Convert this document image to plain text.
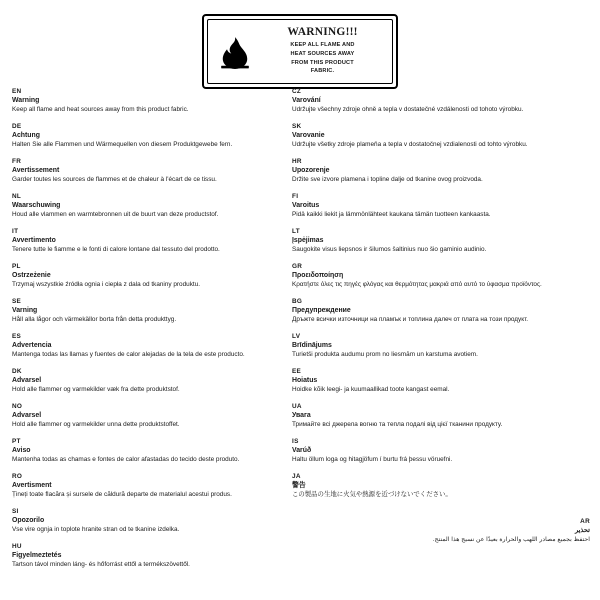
WARNING!!!
KEEP ALL FLAME AND
HEAT SOURCES AWAY
FROM THIS PRODUCT
FABRIC.
EN
Warning
Keep all flame and heat sources away from this product fabric.
DE
Achtung
Halten Sie alle Flammen und Wärmequellen von diesem Produktgewebe fern.
FR
Avertissement
Garder toutes les sources de flammes et de chaleur à l'écart de ce tissu.
NL
Waarschuwing
Houd alle vlammen en warmtebronnen uit de buurt van deze productstof.
IT
Avvertimento
Tenere tutte le fiamme e le fonti di calore lontane dal tessuto del prodotto.
PL
Ostrzeżenie
Trzymaj wszystkie źródła ognia i ciepła z dala od tkaniny produktu.
SE
Varning
Håll alla lågor och värmekällor borta från detta produkttyg.
ES
Advertencia
Mantenga todas las llamas y fuentes de calor alejadas de la tela de este producto.
DK
Advarsel
Hold alle flammer og varmekilder væk fra dette produktstof.
NO
Advarsel
Hold alle flammer og varmekilder unna dette produktstoffet.
PT
Aviso
Mantenha todas as chamas e fontes de calor afastadas do tecido deste produto.
RO
Avertisment
Țineți toate flacăra și sursele de căldură departe de materialul acestui produs.
SI
Opozorilo
Vse vire ognja in toplote hranite stran od te tkanine izdelka.
HU
Figyelmeztetés
Tartson távol minden láng- és hőforrást ettől a termékszövettől.
CZ
Varování
Udržujte všechny zdroje ohně a tepla v dostatečné vzdálenosti od tohoto výrobku.
SK
Varovanie
Udržujte všetky zdroje plameňa a tepla v dostatočnej vzdialenosti od tohto výrobku.
HR
Upozorenje
Držite sve izvore plamena i topline dalje od tkanine ovog proizvoda.
FI
Varoitus
Pidä kaikki liekit ja lämmönlähteet kaukana tämän tuotteen kankaasta.
LT
Įspėjimas
Saugokite visus liepsnos ir šilumos šaltinius nuo šio gaminio audinio.
GR
Προειδοποίηση
Κρατήστε όλες τις πηγές φλόγας και θερμότητας μακριά από αυτό το ύφασμα προϊόντος.
BG
Предупреждение
Дръжте всички източници на пламък и топлина далеч от плата на този продукт.
LV
Brīdinājums
Turietši produkta audumu prom no liesmām un karstuma avotiem.
EE
Hoiatus
Hoidke kõik leegi- ja kuumaallikad toote kangast eemal.
UA
Увага
Тримайте всі джерела вогню та тепла подалі від цієї тканини продукту.
IS
Varúð
Haltu öllum loga og hitagjöfum í burtu frá þessu vöruefni.
JA
警告
この製品の生地に火気や熱源を近づけないでください。
AR
تحذير
احتفظ بجميع مصادر اللهب والحرارة بعيدًا عن نسيج هذا المنتج.
